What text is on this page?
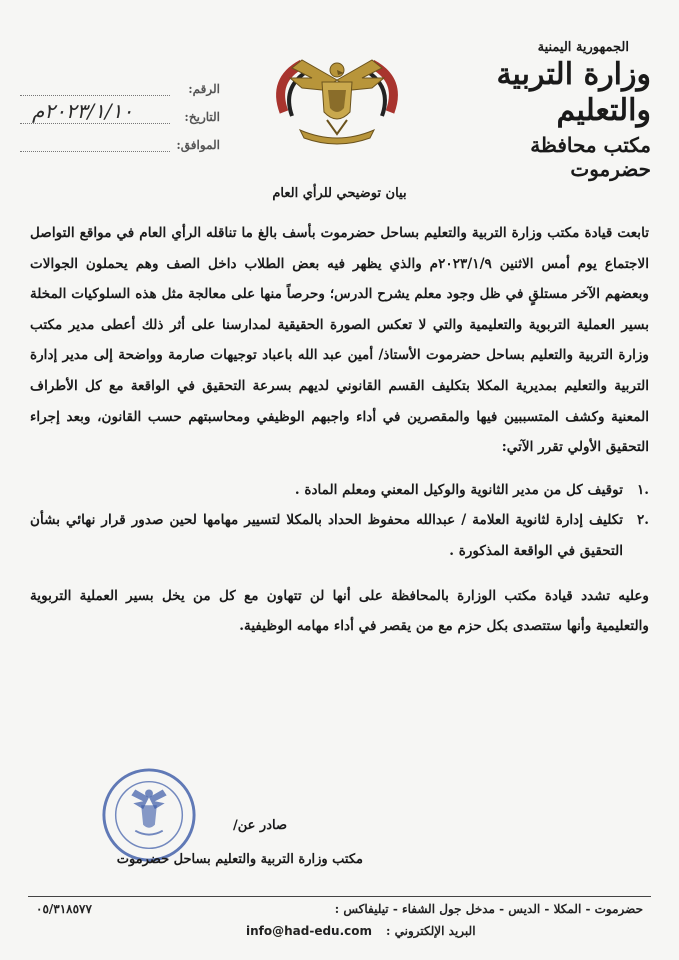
الجمهورية اليمنية
وزارة التربية والتعليم
مكتب محافظة حضرموت
الرقم:
التاريخ:
٢٠٢٣/١/١٠م
الموافق:
بيان توضيحي للرأي العام

تابعت قيادة مكتب وزارة التربية والتعليم بساحل حضرموت بأسف بالغ ما تناقله الرأي العام في مواقع التواصل الاجتماع يوم أمس الاثنين ٢٠٢٣/١/٩م والذي يظهر فيه بعض الطلاب داخل الصف وهم يحملون الجوالات وبعضهم الآخر مستلقٍ في ظل وجود معلم يشرح الدرس؛ وحرصاً منها على معالجة مثل هذه السلوكيات المخلة بسير العملية التربوية والتعليمية والتي لا تعكس الصورة الحقيقية لمدارسنا على أثر ذلك أعطى مدير مكتب وزارة التربية والتعليم بساحل حضرموت الأستاذ/ أمين عبد الله باعباد توجيهات صارمة وواضحة إلى مدير إدارة التربية والتعليم بمديرية المكلا بتكليف القسم القانوني لديهم بسرعة التحقيق في الواقعة مع كل الأطراف المعنية وكشف المتسببين فيها والمقصرين في أداء واجبهم الوظيفي ومحاسبتهم حسب القانون، وبعد إجراء التحقيق الأولي تقرر الآتي:

.١
توقيف كل من مدير الثانوية والوكيل المعني ومعلم المادة .
.٢
تكليف إدارة لثانوية العلامة / عبدالله محفوظ الحداد بالمكلا لتسيير مهامها لحين صدور قرار نهائي بشأن التحقيق في الواقعة المذكورة .

وعليه تشدد قيادة مكتب الوزارة بالمحافظة على أنها لن تتهاون مع كل من يخل بسير العملية التربوية والتعليمية وأنها ستتصدى بكل حزم مع من يقصر في أداء مهامه الوظيفية.

صادر عن/
مكتب وزارة التربية والتعليم بساحل حضرموت
حضرموت - المكلا - الديس - مدخل جول الشفاء - تيليفاكس :
٠٥/٣١٨٥٧٧
البريد الإلكتروني :
info@had-edu.com
